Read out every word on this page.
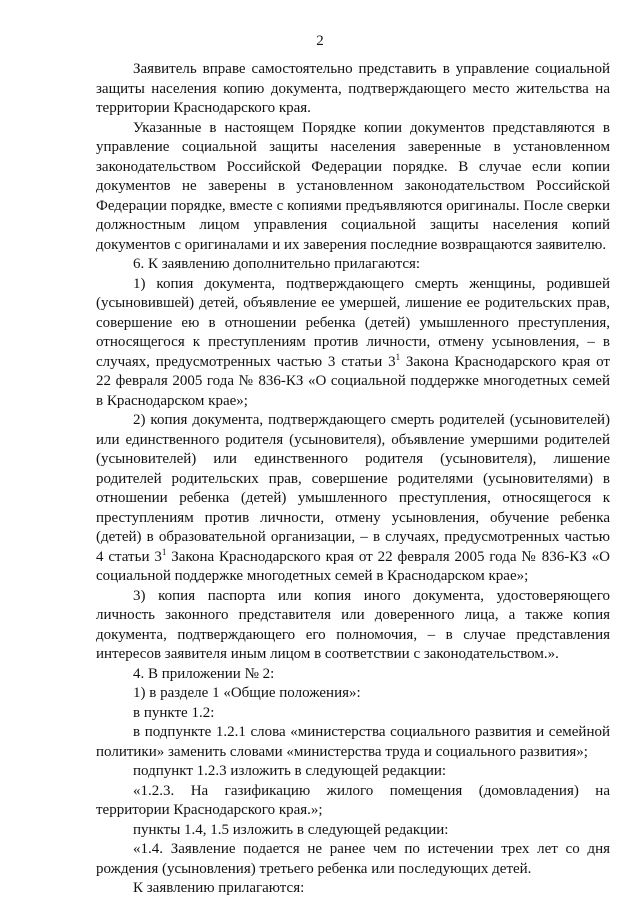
2

Заявитель вправе самостоятельно представить в управление социальной защиты населения копию документа, подтверждающего место жительства на территории Краснодарского края.

Указанные в настоящем Порядке копии документов представляются в управление социальной защиты населения заверенные в установленном законодательством Российской Федерации порядке. В случае если копии документов не заверены в установленном законодательством Российской Федерации порядке, вместе с копиями предъявляются оригиналы. После сверки должностным лицом управления социальной защиты населения копий документов с оригиналами и их заверения последние возвращаются заявителю.

6. К заявлению дополнительно прилагаются:

1) копия документа, подтверждающего смерть женщины, родившей (усыновившей) детей, объявление ее умершей, лишение ее родительских прав, совершение ею в отношении ребенка (детей) умышленного преступления, относящегося к преступлениям против личности, отмену усыновления, – в случаях, предусмотренных частью 3 статьи $3^1$ Закона Краснодарского края от 22 февраля 2005 года № 836-КЗ «О социальной поддержке многодетных семей в Краснодарском крае»;

2) копия документа, подтверждающего смерть родителей (усыновителей) или единственного родителя (усыновителя), объявление умершими родителей (усыновителей) или единственного родителя (усыновителя), лишение родителей родительских прав, совершение родителями (усыновителями) в отношении ребенка (детей) умышленного преступления, относящегося к преступлениям против личности, отмену усыновления, обучение ребенка (детей) в образовательной организации, – в случаях, предусмотренных частью 4 статьи $3^1$ Закона Краснодарского края от 22 февраля 2005 года № 836-КЗ «О социальной поддержке многодетных семей в Краснодарском крае»;

3) копия паспорта или копия иного документа, удостоверяющего личность законного представителя или доверенного лица, а также копия документа, подтверждающего его полномочия, – в случае представления интересов заявителя иным лицом в соответствии с законодательством.».

4. В приложении № 2:

1) в разделе 1 «Общие положения»:

в пункте 1.2:

в подпункте 1.2.1 слова «министерства социального развития и семейной политики» заменить словами «министерства труда и социального развития»;

подпункт 1.2.3 изложить в следующей редакции:

«1.2.3. На газификацию жилого помещения (домовладения) на территории Краснодарского края.»;

пункты 1.4, 1.5 изложить в следующей редакции:

«1.4. Заявление подается не ранее чем по истечении трех лет со дня рождения (усыновления) третьего ребенка или последующих детей.

К заявлению прилагаются:
